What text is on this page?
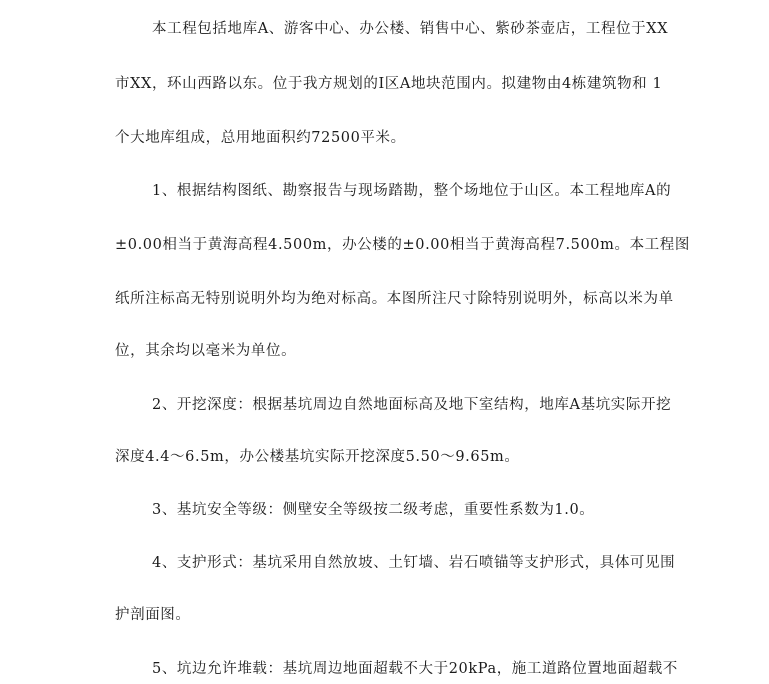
本工程包括地库A、游客中心、办公楼、销售中心、紫砂茶壶店，工程位于XX
市XX，环山西路以东。位于我方规划的Ⅰ区A地块范围内。拟建物由4栋建筑物和 1
个大地库组成，总用地面积约72500平米。
1、根据结构图纸、勘察报告与现场踏勘，整个场地位于山区。本工程地库A的
±0.00相当于黄海高程4.500m，办公楼的±0.00相当于黄海高程7.500m。本工程图
纸所注标高无特别说明外均为绝对标高。本图所注尺寸除特别说明外，标高以米为单
位，其余均以毫米为单位。
2、开挖深度：根据基坑周边自然地面标高及地下室结构，地库A基坑实际开挖
深度4.4～6.5m，办公楼基坑实际开挖深度5.50～9.65m。
3、基坑安全等级：侧壁安全等级按二级考虑，重要性系数为1.0。
4、支护形式：基坑采用自然放坡、土钉墙、岩石喷锚等支护形式，具体可见围
护剖面图。
5、坑边允许堆载：基坑周边地面超载不大于20kPa，施工道路位置地面超载不
